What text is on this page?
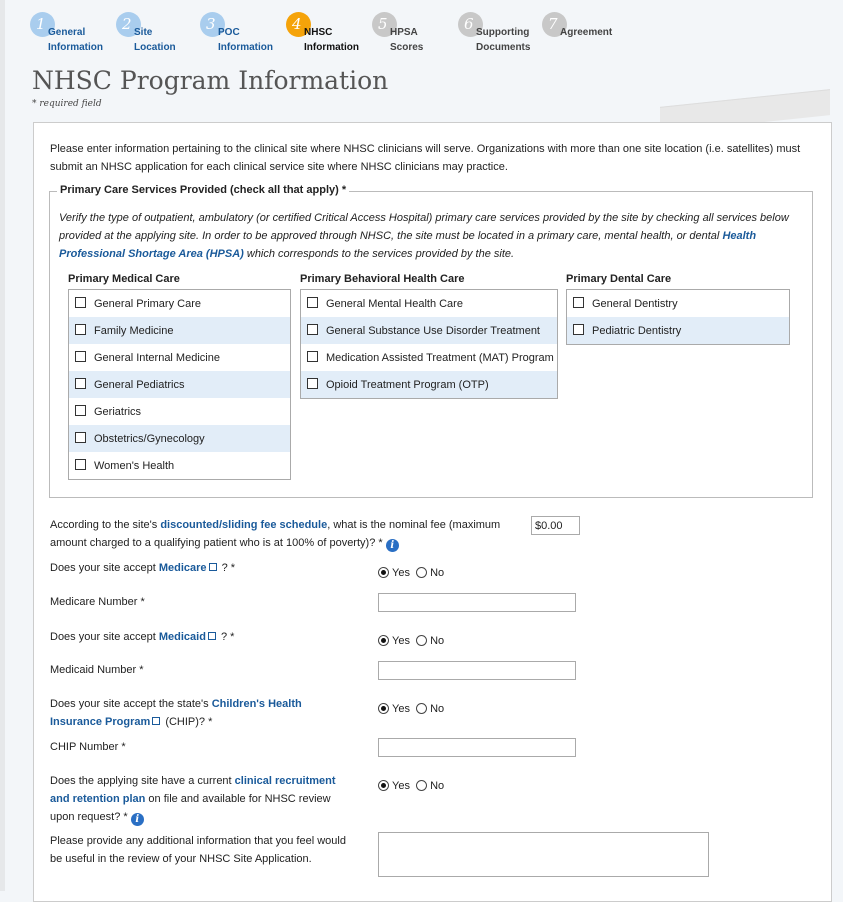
1 General
Information
2 Site
Location
3 POC
Information
4 NHSC
Information
5 HPSA
Scores
6 Supporting
Documents
7 Agreement
NHSC Program Information
* required field
Please enter information pertaining to the clinical site where NHSC clinicians will serve. Organizations with more than one site location (i.e. satellites) must submit an NHSC application for each clinical service site where NHSC clinicians may practice.
Primary Care Services Provided (check all that apply) *
Verify the type of outpatient, ambulatory (or certified Critical Access Hospital) primary care services provided by the site by checking all services below provided at the applying site. In order to be approved through NHSC, the site must be located in a primary care, mental health, or dental Health Professional Shortage Area (HPSA) which corresponds to the services provided by the site.
Primary Medical Care
General Primary Care
Family Medicine
General Internal Medicine
General Pediatrics
Geriatrics
Obstetrics/Gynecology
Women's Health
Primary Behavioral Health Care
General Mental Health Care
General Substance Use Disorder Treatment
Medication Assisted Treatment (MAT) Program
Opioid Treatment Program (OTP)
Primary Dental Care
General Dentistry
Pediatric Dentistry
According to the site's discounted/sliding fee schedule, what is the nominal fee (maximum amount charged to a qualifying patient who is at 100% of poverty)? * i
$0.00
Does your site accept Medicare ? *	Yes No
Medicare Number *
Does your site accept Medicaid ? *	Yes No
Medicaid Number *
Does your site accept the state's Children's Health Insurance Program (CHIP)? *
Yes No
CHIP Number *
Does the applying site have a current clinical recruitment and retention plan on file and available for NHSC review upon request? * i
Yes No
Please provide any additional information that you feel would be useful in the review of your NHSC Site Application.
